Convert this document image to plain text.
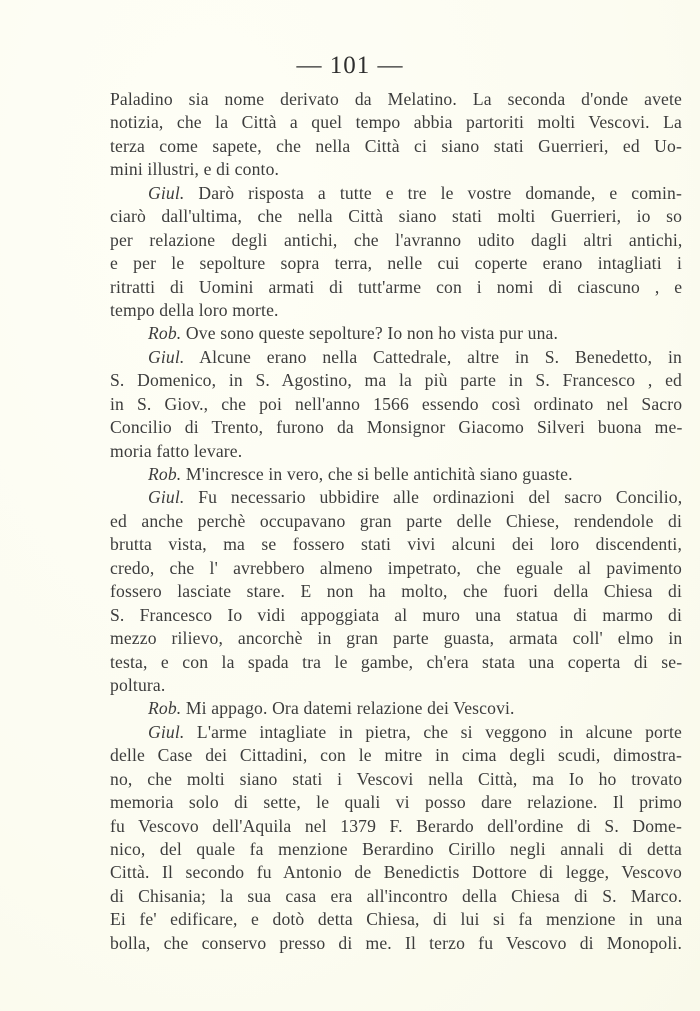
— 101 —
Paladino sia nome derivato da Melatino. La seconda d'onde avete
notizia, che la Città a quel tempo abbia partoriti molti Vescovi. La
terza come sapete, che nella Città ci siano stati Guerrieri, ed Uo-
mini illustri, e di conto.
Giul. Darò risposta a tutte e tre le vostre domande, e comin-
ciarò dall'ultima, che nella Città siano stati molti Guerrieri, io so
per relazione degli antichi, che l'avranno udito dagli altri antichi,
e per le sepolture sopra terra, nelle cui coperte erano intagliati i
ritratti di Uomini armati di tutt'arme con i nomi di ciascuno , e
tempo della loro morte.
Rob. Ove sono queste sepolture? Io non ho vista pur una.
Giul. Alcune erano nella Cattedrale, altre in S. Benedetto, in
S. Domenico, in S. Agostino, ma la più parte in S. Francesco , ed
in S. Giov., che poi nell'anno 1566 essendo così ordinato nel Sacro
Concilio di Trento, furono da Monsignor Giacomo Silveri buona me-
moria fatto levare.
Rob. M'incresce in vero, che si belle antichità siano guaste.
Giul. Fu necessario ubbidire alle ordinazioni del sacro Concilio,
ed anche perchè occupavano gran parte delle Chiese, rendendole di
brutta vista, ma se fossero stati vivi alcuni dei loro discendenti,
credo, che l' avrebbero almeno impetrato, che eguale al pavimento
fossero lasciate stare. E non ha molto, che fuori della Chiesa di
S. Francesco Io vidi appoggiata al muro una statua di marmo di
mezzo rilievo, ancorchè in gran parte guasta, armata coll' elmo in
testa, e con la spada tra le gambe, ch'era stata una coperta di se-
poltura.
Rob. Mi appago. Ora datemi relazione dei Vescovi.
Giul. L'arme intagliate in pietra, che si veggono in alcune porte
delle Case dei Cittadini, con le mitre in cima degli scudi, dimostra-
no, che molti siano stati i Vescovi nella Città, ma Io ho trovato
memoria solo di sette, le quali vi posso dare relazione. Il primo
fu Vescovo dell'Aquila nel 1379 F. Berardo dell'ordine di S. Dome-
nico, del quale fa menzione Berardino Cirillo negli annali di detta
Città. Il secondo fu Antonio de Benedictis Dottore di legge, Vescovo
di Chisania; la sua casa era all'incontro della Chiesa di S. Marco.
Ei fe' edificare, e dotò detta Chiesa, di lui si fa menzione in una
bolla, che conservo presso di me. Il terzo fu Vescovo di Monopoli.
